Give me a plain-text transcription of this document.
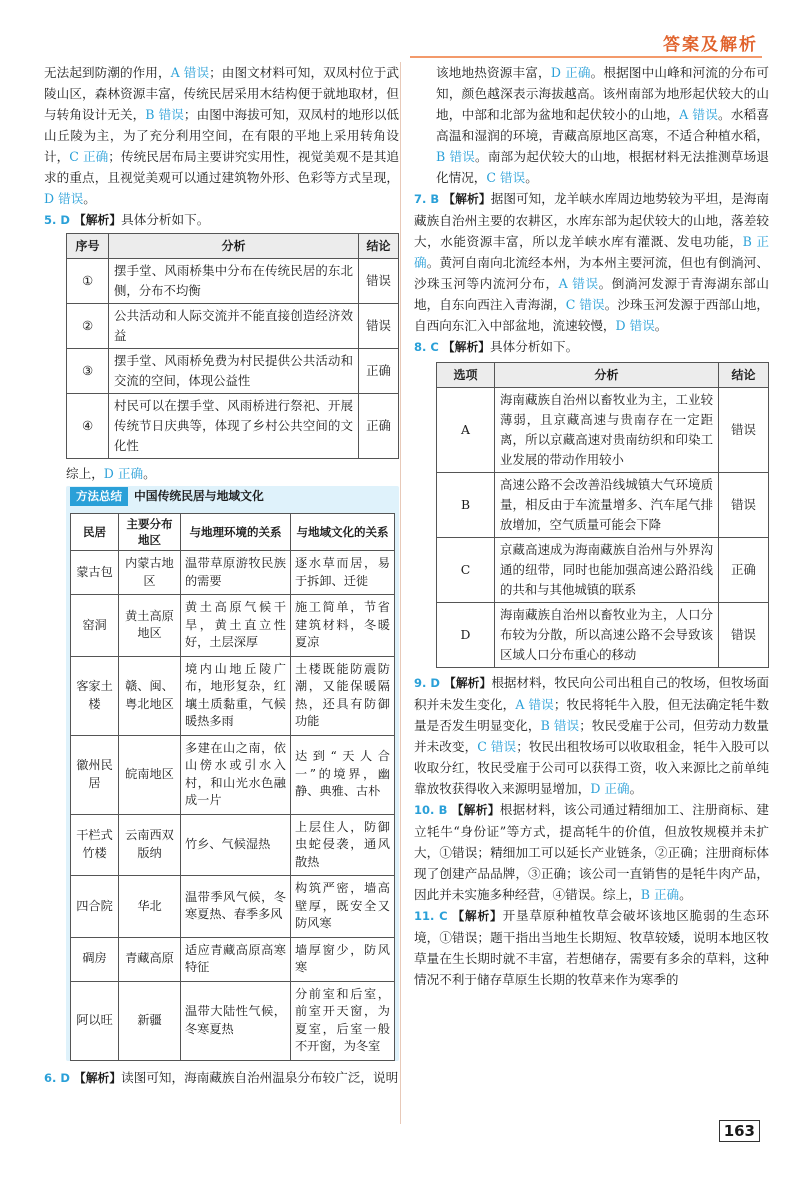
答案及解析

无法起到防潮的作用，A 错误；由图文材料可知，双凤村位于武陵山区，森林资源丰富，传统民居采用木结构便于就地取材，但与转角设计无关，B 错误；由图中海拔可知，双凤村的地形以低山丘陵为主，为了充分利用空间，在有限的平地上采用转角设计，C 正确；传统民居布局主要讲究实用性，视觉美观不是其追求的重点，且视觉美观可以通过建筑物外形、色彩等方式呈现，D 错误。

5. D 【解析】具体分析如下。

序号	分析	结论
①	摆手堂、风雨桥集中分布在传统民居的东北侧，分布不均衡	错误
②	公共活动和人际交流并不能直接创造经济效益	错误
③	摆手堂、风雨桥免费为村民提供公共活动和交流的空间，体现公益性	正确
④	村民可以在摆手堂、风雨桥进行祭祀、开展传统节日庆典等，体现了乡村公共空间的文化性	正确

综上，D 正确。

方法总结	中国传统民居与地域文化
民居	主要分布地区	与地理环境的关系	与地域文化的关系
蒙古包	内蒙古地区	温带草原游牧民族的需要	逐水草而居，易于拆卸、迁徙
窑洞	黄土高原地区	黄土高原气候干旱，黄土直立性好，土层深厚	施工简单，节省建筑材料，冬暖夏凉
客家土楼	赣、闽、粤北地区	境内山地丘陵广布，地形复杂，红壤土质黏重，气候暖热多雨	土楼既能防震防潮，又能保暖隔热，还具有防御功能
徽州民居	皖南地区	多建在山之南，依山傍水或引水入村，和山光水色融成一片	达到“天人合一”的境界，幽静、典雅、古朴
干栏式竹楼	云南西双版纳	竹乡、气候湿热	上层住人，防御虫蛇侵袭，通风散热
四合院	华北	温带季风气候，冬寒夏热、春季多风	构筑严密，墙高壁厚，既安全又防风寒
碉房	青藏高原	适应青藏高原高寒特征	墙厚窗少，防风寒
阿以旺	新疆	温带大陆性气候，冬寒夏热	分前室和后室，前室开天窗，为夏室，后室一般不开窗，为冬室

6. D 【解析】读图可知，海南藏族自治州温泉分布较广泛，说明

该地地热资源丰富，D 正确。根据图中山峰和河流的分布可知，颜色越深表示海拔越高。该州南部为地形起伏较大的山地，中部和北部为盆地和起伏较小的山地，A 错误。水稻喜高温和湿润的环境，青藏高原地区高寒，不适合种植水稻，B 错误。南部为起伏较大的山地，根据材料无法推测草场退化情况，C 错误。

7. B 【解析】据图可知，龙羊峡水库周边地势较为平坦，是海南藏族自治州主要的农耕区，水库东部为起伏较大的山地，落差较大，水能资源丰富，所以龙羊峡水库有灌溉、发电功能，B 正确。黄河自南向北流经本州，为本州主要河流，但也有倒淌河、沙珠玉河等内流河分布，A 错误。倒淌河发源于青海湖东部山地，自东向西注入青海湖，C 错误。沙珠玉河发源于西部山地，自西向东汇入中部盆地，流速较慢，D 错误。

8. C 【解析】具体分析如下。

选项	分析	结论
A	海南藏族自治州以畜牧业为主，工业较薄弱，且京藏高速与贵南存在一定距离，所以京藏高速对贵南纺织和印染工业发展的带动作用较小	错误
B	高速公路不会改善沿线城镇大气环境质量，相反由于车流量增多、汽车尾气排放增加，空气质量可能会下降	错误
C	京藏高速成为海南藏族自治州与外界沟通的纽带，同时也能加强高速公路沿线的共和与其他城镇的联系	正确
D	海南藏族自治州以畜牧业为主，人口分布较为分散，所以高速公路不会导致该区域人口分布重心的移动	错误

9. D 【解析】根据材料，牧民向公司出租自己的牧场，但牧场面积并未发生变化，A 错误；牧民将牦牛入股，但无法确定牦牛数量是否发生明显变化，B 错误；牧民受雇于公司，但劳动力数量并未改变，C 错误；牧民出租牧场可以收取租金，牦牛入股可以收取分红，牧民受雇于公司可以获得工资，收入来源比之前单纯靠放牧获得收入来源明显增加，D 正确。

10. B 【解析】根据材料，该公司通过精细加工、注册商标、建立牦牛“身份证”等方式，提高牦牛的价值，但放牧规模并未扩大，①错误；精细加工可以延长产业链条，②正确；注册商标体现了创建产品品牌，③正确；该公司一直销售的是牦牛肉产品，因此并未实施多种经营，④错误。综上，B 正确。

11. C 【解析】开垦草原种植牧草会破坏该地区脆弱的生态环境，①错误；题干指出当地生长期短、牧草较矮，说明本地区牧草量在生长期时就不丰富，若想储存，需要有多余的草料，这种情况不利于储存草原生长期的牧草来作为寒季的

163
